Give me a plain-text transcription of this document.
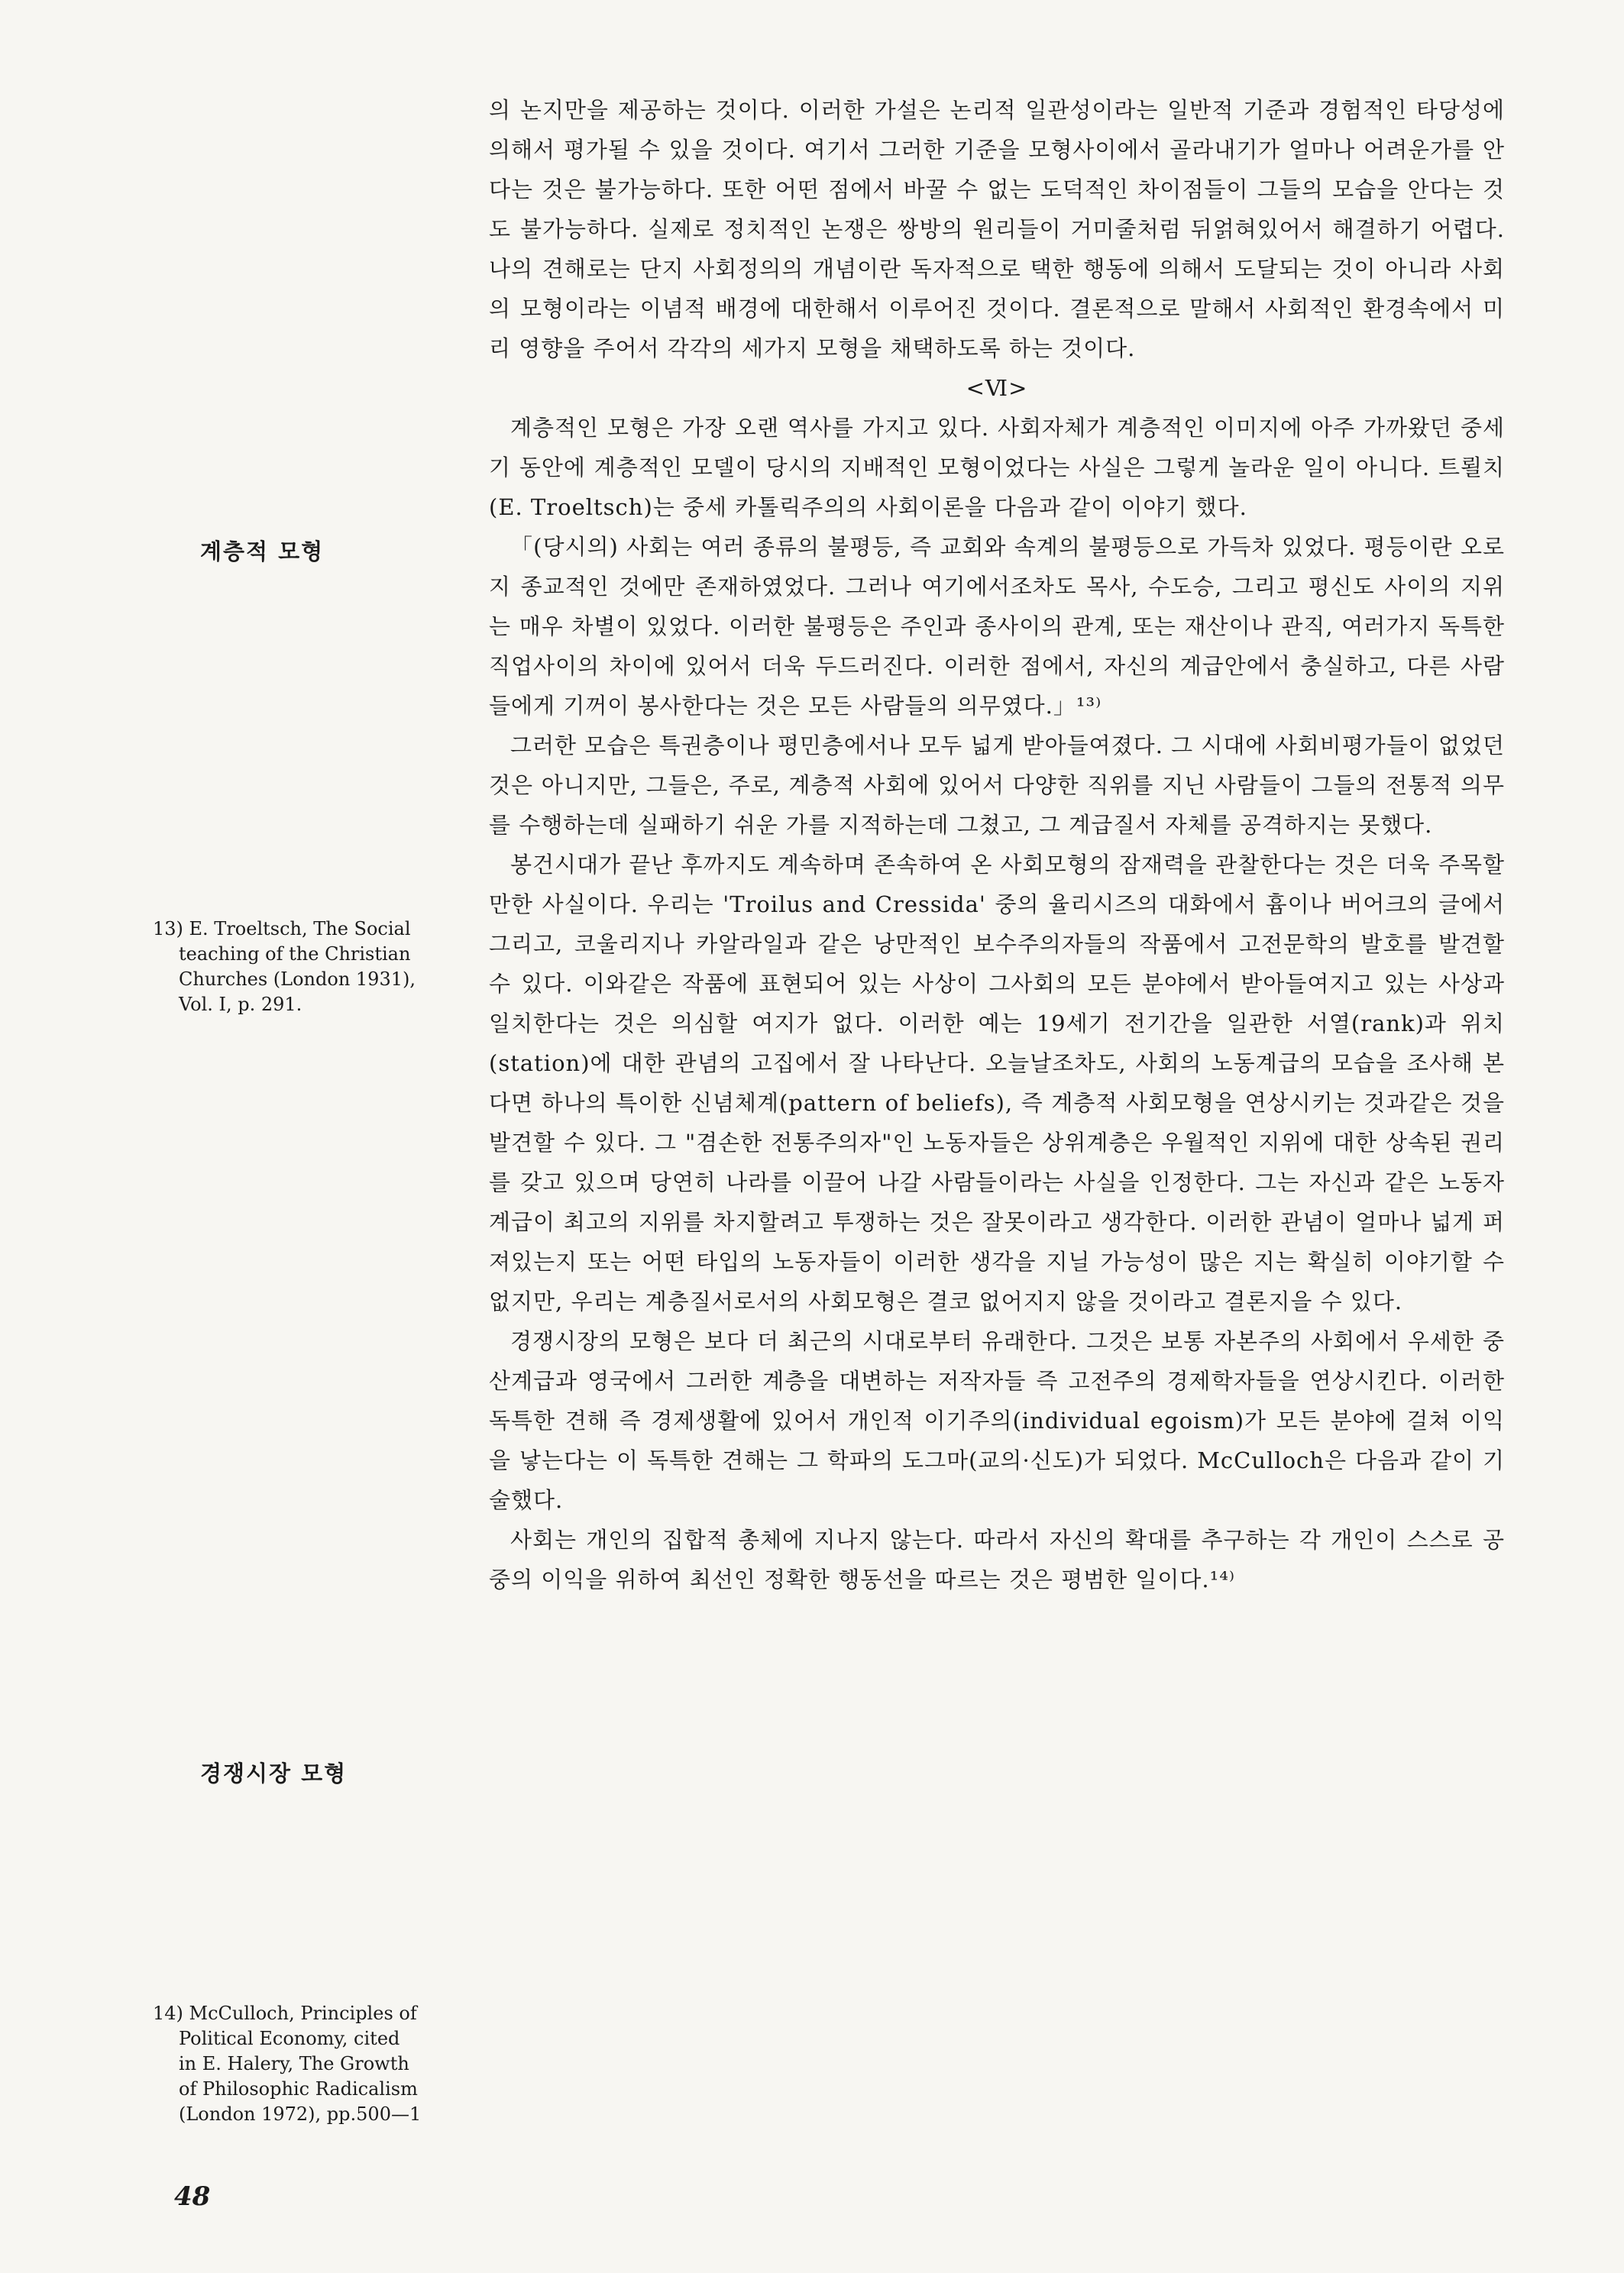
의 논지만을 제공하는 것이다. 이러한 가설은 논리적 일관성이라는 일반적 기준과 경험적인 타당성에 의해서 평가될 수 있을 것이다. 여기서 그러한 기준을 모형사이에서 골라내기가 얼마나 어려운가를 안다는 것은 불가능하다. 또한 어떤 점에서 바꿀 수 없는 도덕적인 차이점들이 그들의 모습을 안다는 것도 불가능하다. 실제로 정치적인 논쟁은 쌍방의 원리들이 거미줄처럼 뒤얽혀있어서 해결하기 어렵다. 나의 견해로는 단지 사회정의의 개념이란 독자적으로 택한 행동에 의해서 도달되는 것이 아니라 사회의 모형이라는 이념적 배경에 대한해서 이루어진 것이다. 결론적으로 말해서 사회적인 환경속에서 미리 영향을 주어서 각각의 세가지 모형을 채택하도록 하는 것이다.

<Ⅵ>

계층적인 모형은 가장 오랜 역사를 가지고 있다. 사회자체가 계층적인 이미지에 아주 가까왔던 중세기 동안에 계층적인 모델이 당시의 지배적인 모형이었다는 사실은 그렇게 놀라운 일이 아니다. 트뢸치(E. Troeltsch)는 중세 카톨릭주의의 사회이론을 다음과 같이 이야기 했다.

「(당시의) 사회는 여러 종류의 불평등, 즉 교회와 속계의 불평등으로 가득차 있었다. 평등이란 오로지 종교적인 것에만 존재하였었다. 그러나 여기에서조차도 목사, 수도승, 그리고 평신도 사이의 지위는 매우 차별이 있었다. 이러한 불평등은 주인과 종사이의 관계, 또는 재산이나 관직, 여러가지 독특한 직업사이의 차이에 있어서 더욱 두드러진다. 이러한 점에서, 자신의 계급안에서 충실하고, 다른 사람들에게 기꺼이 봉사한다는 것은 모든 사람들의 의무였다.」¹³⁾

그러한 모습은 특권층이나 평민층에서나 모두 넓게 받아들여졌다. 그 시대에 사회비평가들이 없었던 것은 아니지만, 그들은, 주로, 계층적 사회에 있어서 다양한 직위를 지닌 사람들이 그들의 전통적 의무를 수행하는데 실패하기 쉬운 가를 지적하는데 그쳤고, 그 계급질서 자체를 공격하지는 못했다.

봉건시대가 끝난 후까지도 계속하며 존속하여 온 사회모형의 잠재력을 관찰한다는 것은 더욱 주목할만한 사실이다. 우리는 'Troilus and Cressida' 중의 율리시즈의 대화에서 흄이나 버어크의 글에서 그리고, 코울리지나 카알라일과 같은 낭만적인 보수주의자들의 작품에서 고전문학의 발호를 발견할 수 있다. 이와같은 작품에 표현되어 있는 사상이 그사회의 모든 분야에서 받아들여지고 있는 사상과 일치한다는 것은 의심할 여지가 없다. 이러한 예는 19세기 전기간을 일관한 서열(rank)과 위치(station)에 대한 관념의 고집에서 잘 나타난다. 오늘날조차도, 사회의 노동계급의 모습을 조사해 본다면 하나의 특이한 신념체계(pattern of beliefs), 즉 계층적 사회모형을 연상시키는 것과같은 것을 발견할 수 있다. 그 "겸손한 전통주의자"인 노동자들은 상위계층은 우월적인 지위에 대한 상속된 권리를 갖고 있으며 당연히 나라를 이끌어 나갈 사람들이라는 사실을 인정한다. 그는 자신과 같은 노동자계급이 최고의 지위를 차지할려고 투쟁하는 것은 잘못이라고 생각한다. 이러한 관념이 얼마나 넓게 퍼져있는지 또는 어떤 타입의 노동자들이 이러한 생각을 지닐 가능성이 많은 지는 확실히 이야기할 수 없지만, 우리는 계층질서로서의 사회모형은 결코 없어지지 않을 것이라고 결론지을 수 있다.

경쟁시장의 모형은 보다 더 최근의 시대로부터 유래한다. 그것은 보통 자본주의 사회에서 우세한 중산계급과 영국에서 그러한 계층을 대변하는 저작자들 즉 고전주의 경제학자들을 연상시킨다. 이러한 독특한 견해 즉 경제생활에 있어서 개인적 이기주의(individual egoism)가 모든 분야에 걸쳐 이익을 낳는다는 이 독특한 견해는 그 학파의 도그마(교의·신도)가 되었다. McCulloch은 다음과 같이 기술했다.

사회는 개인의 집합적 총체에 지나지 않는다. 따라서 자신의 확대를 추구하는 각 개인이 스스로 공중의 이익을 위하여 최선인 정확한 행동선을 따르는 것은 평범한 일이다.¹⁴⁾

계층적 모형
경쟁시장 모형
13) E. Troeltsch, The Social
teaching of the Christian
Churches (London 1931),
Vol. Ⅰ, p. 291.
14) McCulloch, Principles of
Political Economy, cited
in E. Halery, The Growth
of Philosophic Radicalism
(London 1972), pp.500—1
48
